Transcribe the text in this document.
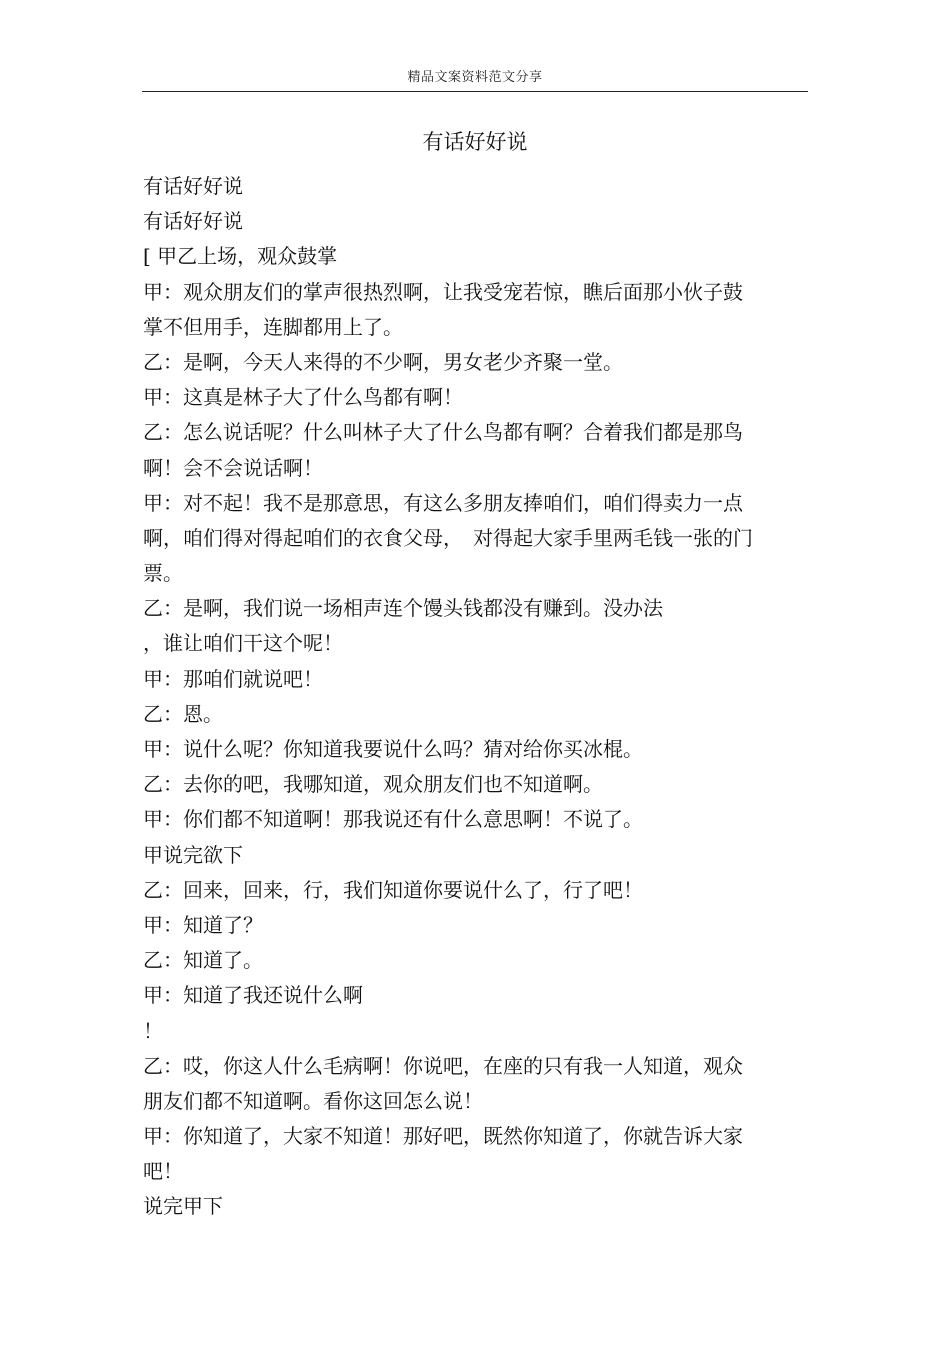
精品文案资料范文分享
有话好好说
有话好好说
有话好好说
[ 甲乙上场，观众鼓掌
甲：观众朋友们的掌声很热烈啊，让我受宠若惊，瞧后面那小伙子鼓
掌不但用手，连脚都用上了。
乙：是啊，今天人来得的不少啊，男女老少齐聚一堂。
甲：这真是林子大了什么鸟都有啊！
乙：怎么说话呢？什么叫林子大了什么鸟都有啊？合着我们都是那鸟
啊！会不会说话啊！
甲：对不起！我不是那意思，有这么多朋友捧咱们，咱们得卖力一点
啊，咱们得对得起咱们的衣食父母，　对得起大家手里两毛钱一张的门
票。
乙：是啊，我们说一场相声连个馒头钱都没有赚到。没办法
，谁让咱们干这个呢！
甲：那咱们就说吧！
乙：恩。
甲：说什么呢？你知道我要说什么吗？猜对给你买冰棍。
乙：去你的吧，我哪知道，观众朋友们也不知道啊。
甲：你们都不知道啊！那我说还有什么意思啊！不说了。
甲说完欲下
乙：回来，回来，行，我们知道你要说什么了，行了吧！
甲：知道了？
乙：知道了。
甲：知道了我还说什么啊
！
乙：哎，你这人什么毛病啊！你说吧，在座的只有我一人知道，观众
朋友们都不知道啊。看你这回怎么说！
甲：你知道了，大家不知道！那好吧，既然你知道了，你就告诉大家
吧！
说完甲下
